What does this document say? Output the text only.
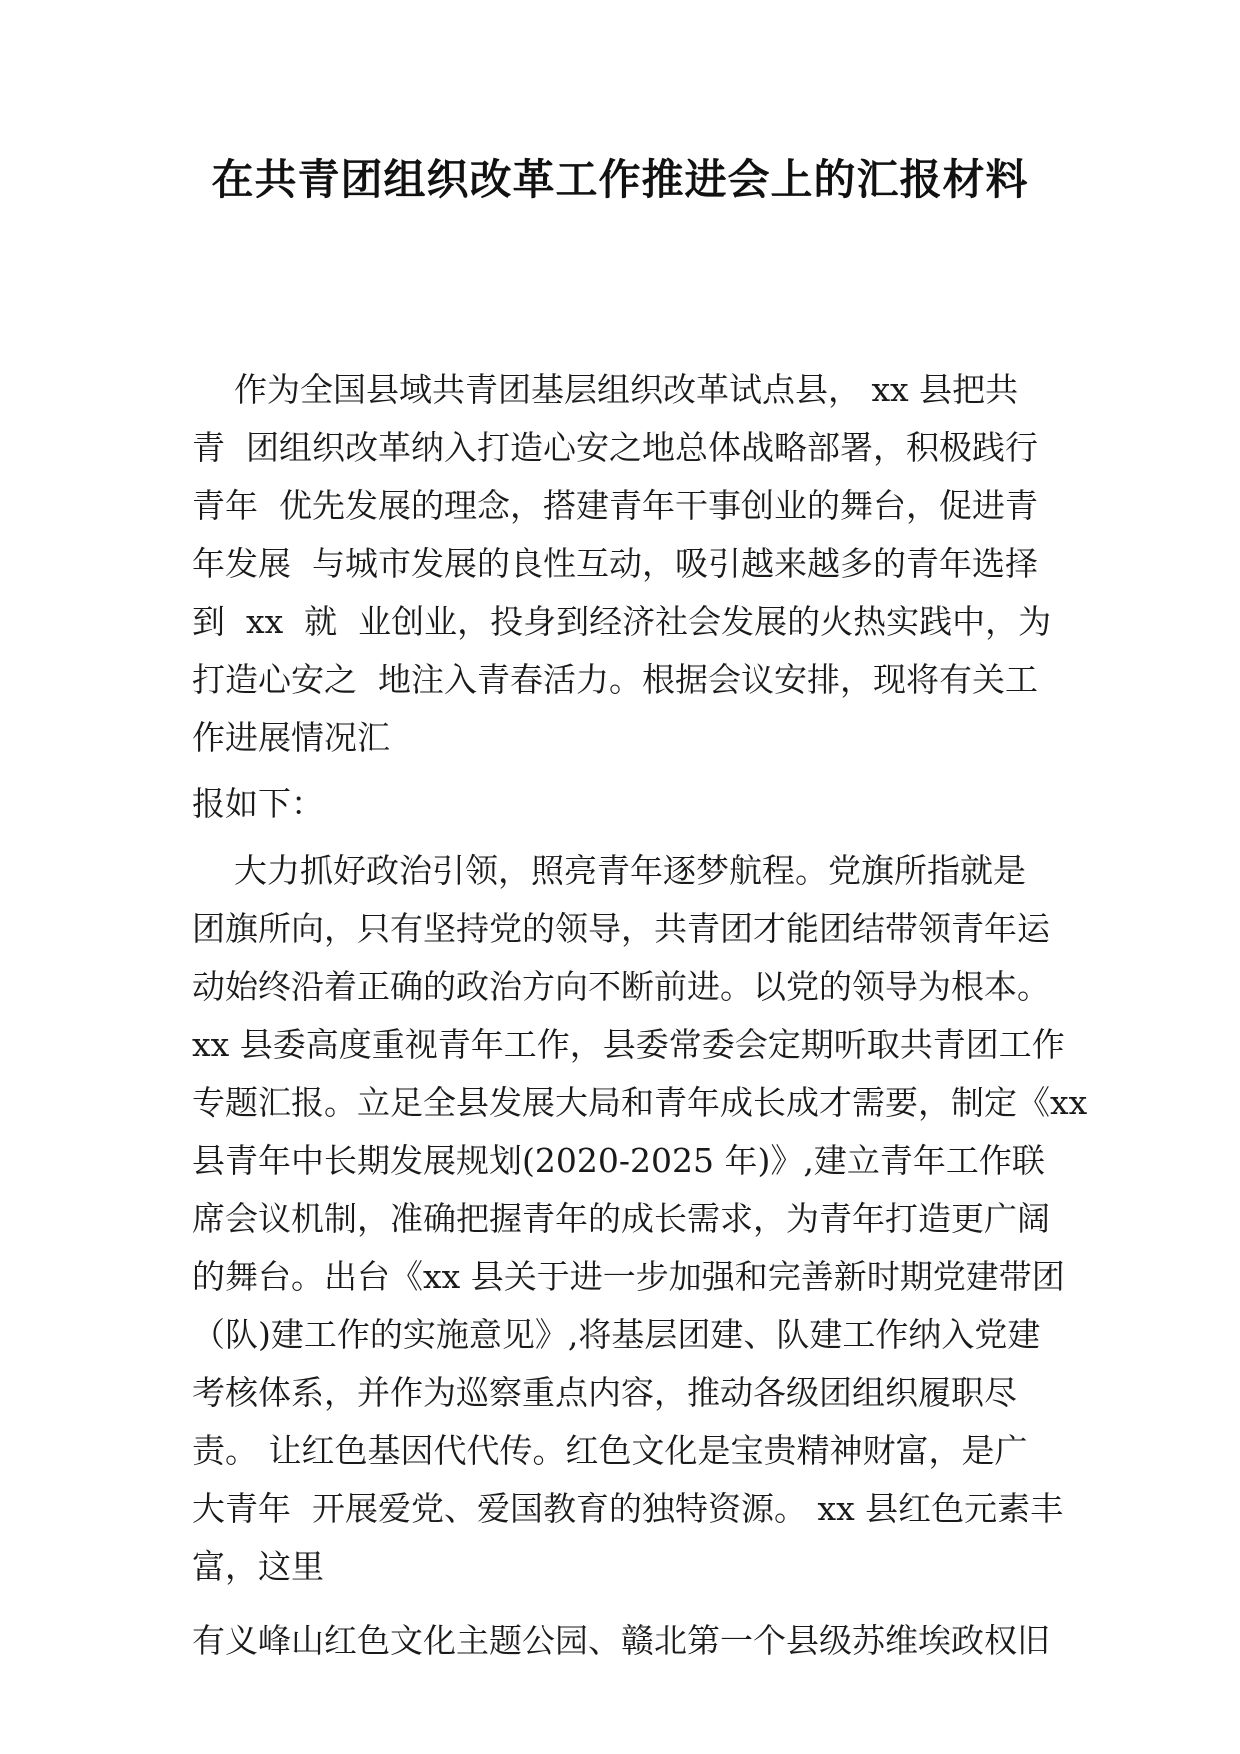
在共青团组织改革工作推进会上的汇报材料

作为全国县域共青团基层组织改革试点县， xx 县把共

青  团组织改革纳入打造心安之地总体战略部署，积极践行

青年  优先发展的理念，搭建青年干事创业的舞台，促进青

年发展  与城市发展的良性互动，吸引越来越多的青年选择

到  xx  就  业创业，投身到经济社会发展的火热实践中，为

打造心安之  地注入青春活力。根据会议安排，现将有关工

作进展情况汇

报如下：

大力抓好政治引领，照亮青年逐梦航程。党旗所指就是

团旗所向，只有坚持党的领导，共青团才能团结带领青年运

动始终沿着正确的政治方向不断前进。以党的领导为根本。

xx 县委高度重视青年工作，县委常委会定期听取共青团工作

专题汇报。立足全县发展大局和青年成长成才需要，制定《xx

县青年中长期发展规划(2020-2025 年)》,建立青年工作联

席会议机制，准确把握青年的成长需求，为青年打造更广阔

的舞台。出台《xx 县关于进一步加强和完善新时期党建带团

（队)建工作的实施意见》,将基层团建、队建工作纳入党建

考核体系，并作为巡察重点内容，推动各级团组织履职尽

责。 让红色基因代代传。红色文化是宝贵精神财富，是广

大青年  开展爱党、爱国教育的独特资源。 xx 县红色元素丰

富，这里

有义峰山红色文化主题公园、赣北第一个县级苏维埃政权旧
